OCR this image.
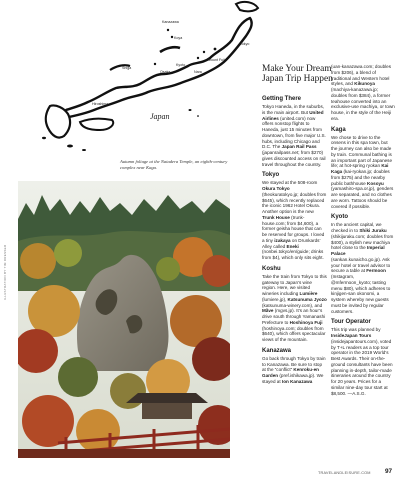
ILLUSTRATION BY TIM DRESSER
Kanazawa
Koya
Mount Fuji
Tokyo
Kyoto
Osaka	Nara
Shiga
Hiroshima
Japan
Autumn foliage at the Natadera Temple, an eighth-century complex near Kaga.
Make Your Dream Japan Trip Happen
Getting There

Tokyo Haneda, in the suburbs, is the main airport. But United Airlines (united.com) now offers nonstop flights to Haneda, just 15 minutes from downtown, from five major U.S. hubs, including Chicago and D.C. The Japan Rail Pass (japanrailpass.net; from $270) gives discounted access on rail travel throughout the country.

Tokyo

We stayed at the 508-room Okura Tokyo (theokuratokyo.jp; doubles from $645), which recently replaced the iconic 1962 Hotel Okura. Another option is the new Trunk House (trunk-house.com; from $4,600), a former geisha house that can be reserved for groups. I loved a tiny izakaya on Drunkards’ Alley called Eneki (nonbei.tokyo/en/guide; drinks from $4), which only sits eight.

Koshu

Take the train from Tokyo to this gateway to Japan’s wine region. Here, we visited wineries including Lumière (lumiere.jp), Katsunuma Jyozo (katsunuma-winery.com), and Mãve (mgvs.jp). It’s an hour’s drive south through Yamanashi Prefecture to Hoshinoya Fuji (hoshinoya.com; doubles from $640), which offers spectacular views of the mountain.

Kanazawa

Go back through Tokyo by train to Kanazawa. Be sure to stop at the “conflict” Kenroku-en Garden (pref.ishikawa.jp). We stayed at Ion Kanazawa

(uan-kanazawa.com; doubles from $206), a blend of traditional and Western hotel styles, and Kikunoya (machiya-kanazawa.jp; doubles from $384), a former teahouse converted into an exclusive-use machiya, or town house, in the style of the Heiji era.

Kaga

We chose to drive to the onsens in this spa town, but the journey can also be made by train. Communal bathing is an important part of Japanese life; at hot-spring ryokan Kai Kaga (kai-ryokan.jp; doubles from $275) and the nearby public bathhouse Kosoyu (yamashiro-spa.or.jp), genders are separated, and no clothes are worn. Tattoos should be covered if possible.

Kyoto

In the ancient capital, we checked in to Shiki Juraku (shikijuraku.com; doubles from $400), a stylish new machiya hotel close to the Imperial Palace (sankan.kunaicho.go.jp). Ask your hotel or travel advisor to secure a table at Fermoon (Instagram, @mfermoon_kyoto; tasting menu $80), which adheres to kinjigen-san okonomi, a system whereby new guests must be invited by regular customers.

Tour Operator

This trip was planned by InsideJapan Tours (insidejapantours.com), voted by T+L readers as a top tour operator in the 2019 World’s Best Awards. Their on-the-ground consultants have been planning in-depth, tailor-made itineraries around the country for 20 years. Prices for a similar nine-day tour start at $8,500. —A.S.G.

TRAVELANDLEISURE.COM 97
